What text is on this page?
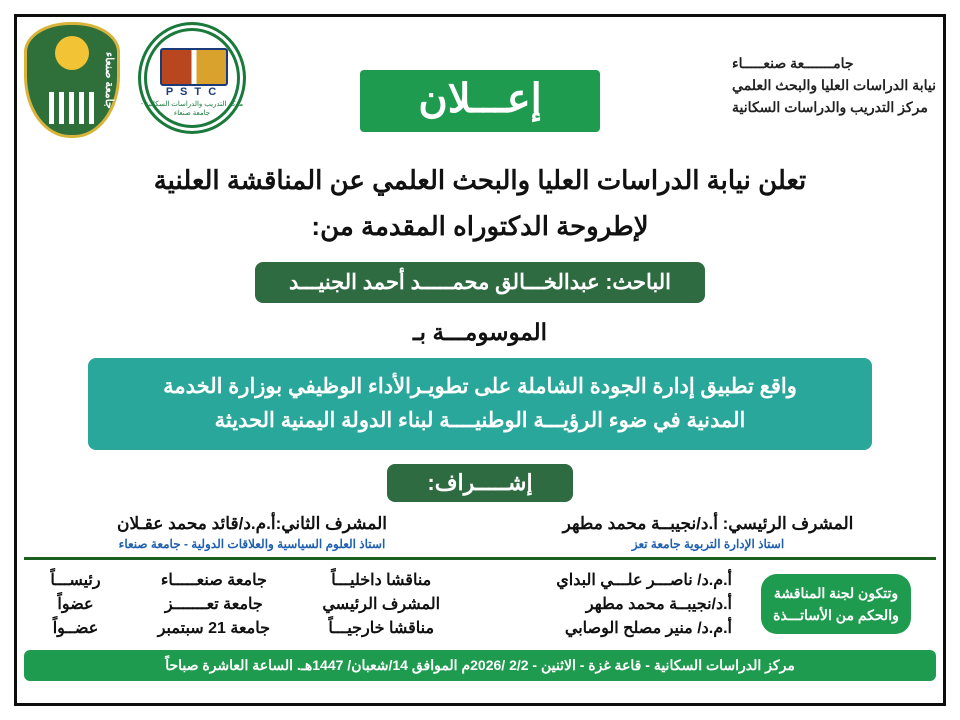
P S T C
مركز التدريب والدراسات السكانية - جامعة صنعاء
جامعة صنعاء	جامـــــــعة صنعـــــاء
نيابة الدراسات العليا والبحث العلمي
مركز التدريب والدراسات السكانية
إعـــلان
تعلن نيابة الدراسات العليا والبحث العلمي عن المناقشة العلنية
لإطروحة الدكتوراه المقدمة من:
الباحث: عبدالخـــالق محمـــــد أحمد الجنيـــد
الموسومـــة بـ
واقع تطبيق إدارة الجودة الشاملة على تطويـرالأداء الوظيفي بوزارة الخدمة
المدنية في ضوء الرؤيـــة الوطنيــــة لبناء الدولة اليمنية الحديثة
إشـــــراف:
المشرف الرئيسي: أ.د/نجيبــة محمد مطهر
استاذ الإدارة التربوية جامعة تعز
المشرف الثاني:أ.م.د/قائد محمد عقـلان
استاذ العلوم السياسية والعلاقات الدولية - جامعة صنعاء
وتتكون لجنة المناقشة
والحكم من الأساتـــذة
أ.م.د/ ناصـــر علـــي البداي
مناقشا داخليـــاً
جامعة صنعـــــاء
رئيســـاً
أ.د/نجيبــة محمد مطهر
المشرف الرئيسي
جامعة تعـــــــز
عضواً
أ.م.د/ منير مصلح الوصابي
مناقشا خارجيـــاً
جامعة 21 سبتمبر
عضــواً
مركز الدراسات السكانية - قاعة غزة - الاثنين - 2/2 /2026م الموافق 14/شعبان/ 1447هـ. الساعة العاشرة صباحاً
